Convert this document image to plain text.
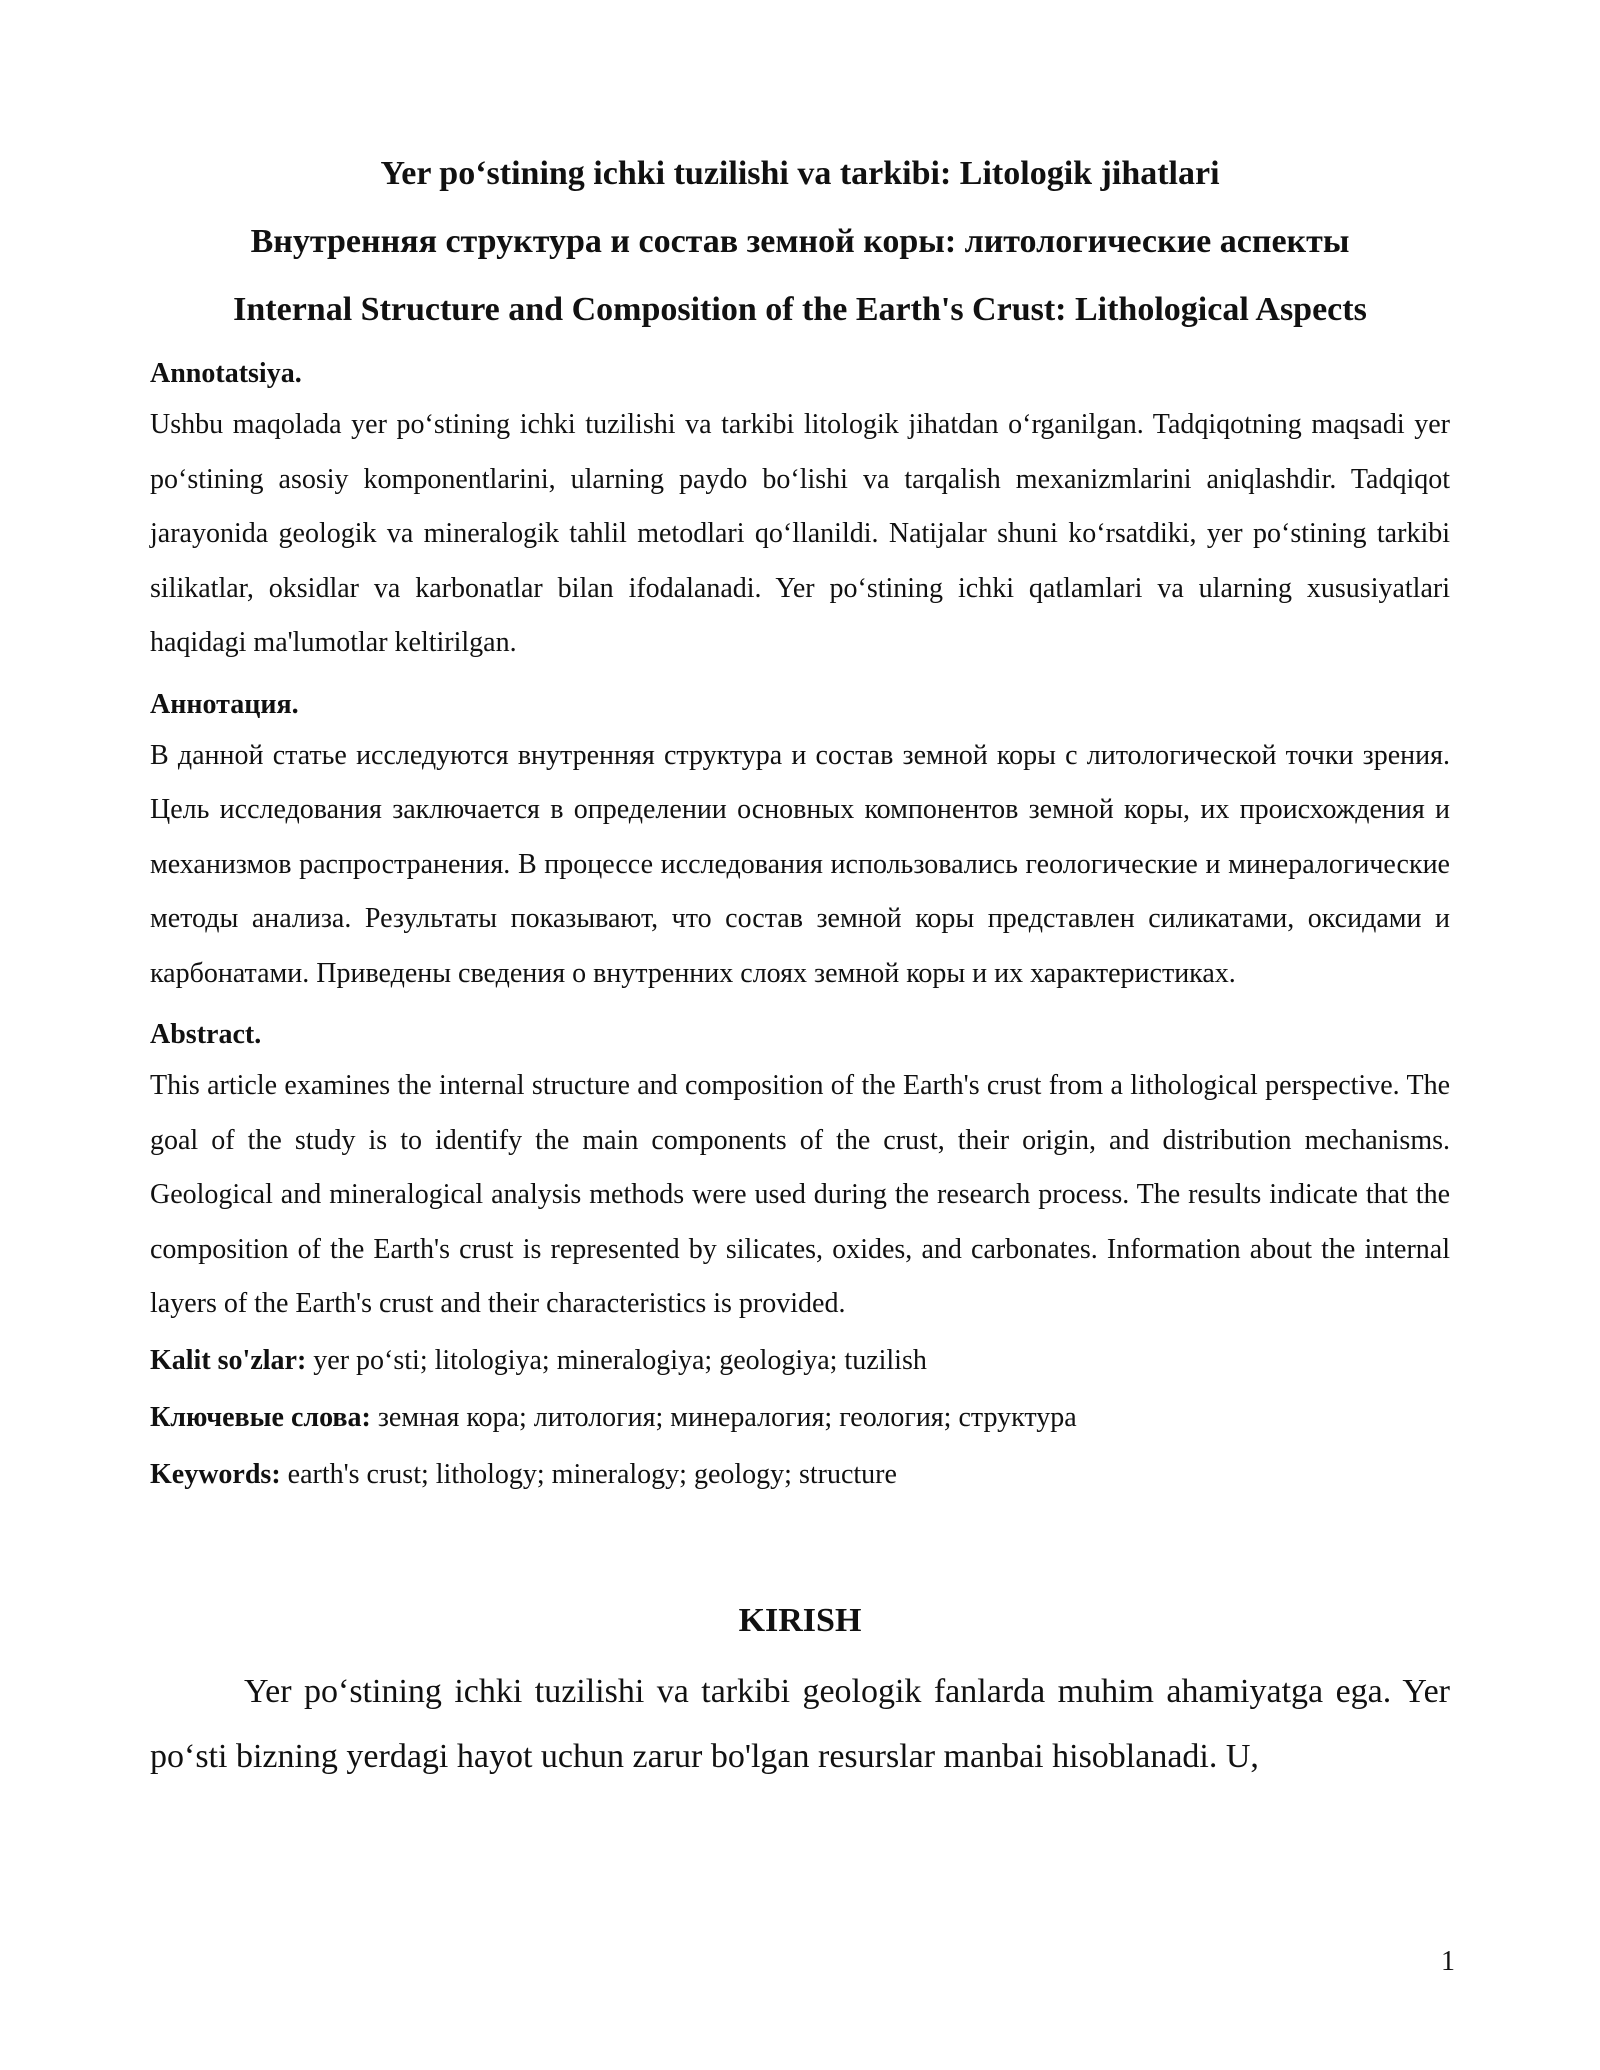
Yer po‘stining ichki tuzilishi va tarkibi: Litologik jihatlari
Внутренняя структура и состав земной коры: литологические аспекты
Internal Structure and Composition of the Earth's Crust: Lithological Aspects
Annotatsiya.

Ushbu maqolada yer po‘stining ichki tuzilishi va tarkibi litologik jihatdan o‘rganilgan. Tadqiqotning maqsadi yer po‘stining asosiy komponentlarini, ularning paydo bo‘lishi va tarqalish mexanizmlarini aniqlashdir. Tadqiqot jarayonida geologik va mineralogik tahlil metodlari qo‘llanildi. Natijalar shuni ko‘rsatdiki, yer po‘stining tarkibi silikatlar, oksidlar va karbonatlar bilan ifodalanadi. Yer po‘stining ichki qatlamlari va ularning xususiyatlari haqidagi ma'lumotlar keltirilgan.

Аннотация.

В данной статье исследуются внутренняя структура и состав земной коры с литологической точки зрения. Цель исследования заключается в определении основных компонентов земной коры, их происхождения и механизмов распространения. В процессе исследования использовались геологические и минералогические методы анализа. Результаты показывают, что состав земной коры представлен силикатами, оксидами и карбонатами. Приведены сведения о внутренних слоях земной коры и их характеристиках.

Abstract.

This article examines the internal structure and composition of the Earth's crust from a lithological perspective. The goal of the study is to identify the main components of the crust, their origin, and distribution mechanisms. Geological and mineralogical analysis methods were used during the research process. The results indicate that the composition of the Earth's crust is represented by silicates, oxides, and carbonates. Information about the internal layers of the Earth's crust and their characteristics is provided.

Kalit so'zlar: yer po‘sti; litologiya; mineralogiya; geologiya; tuzilish

Ключевые слова: земная кора; литология; минералогия; геология; структура

Keywords: earth's crust; lithology; mineralogy; geology; structure

KIRISH

Yer po‘stining ichki tuzilishi va tarkibi geologik fanlarda muhim ahamiyatga ega. Yer po‘sti bizning yerdagi hayot uchun zarur bo'lgan resurslar manbai hisoblanadi. U,

1
